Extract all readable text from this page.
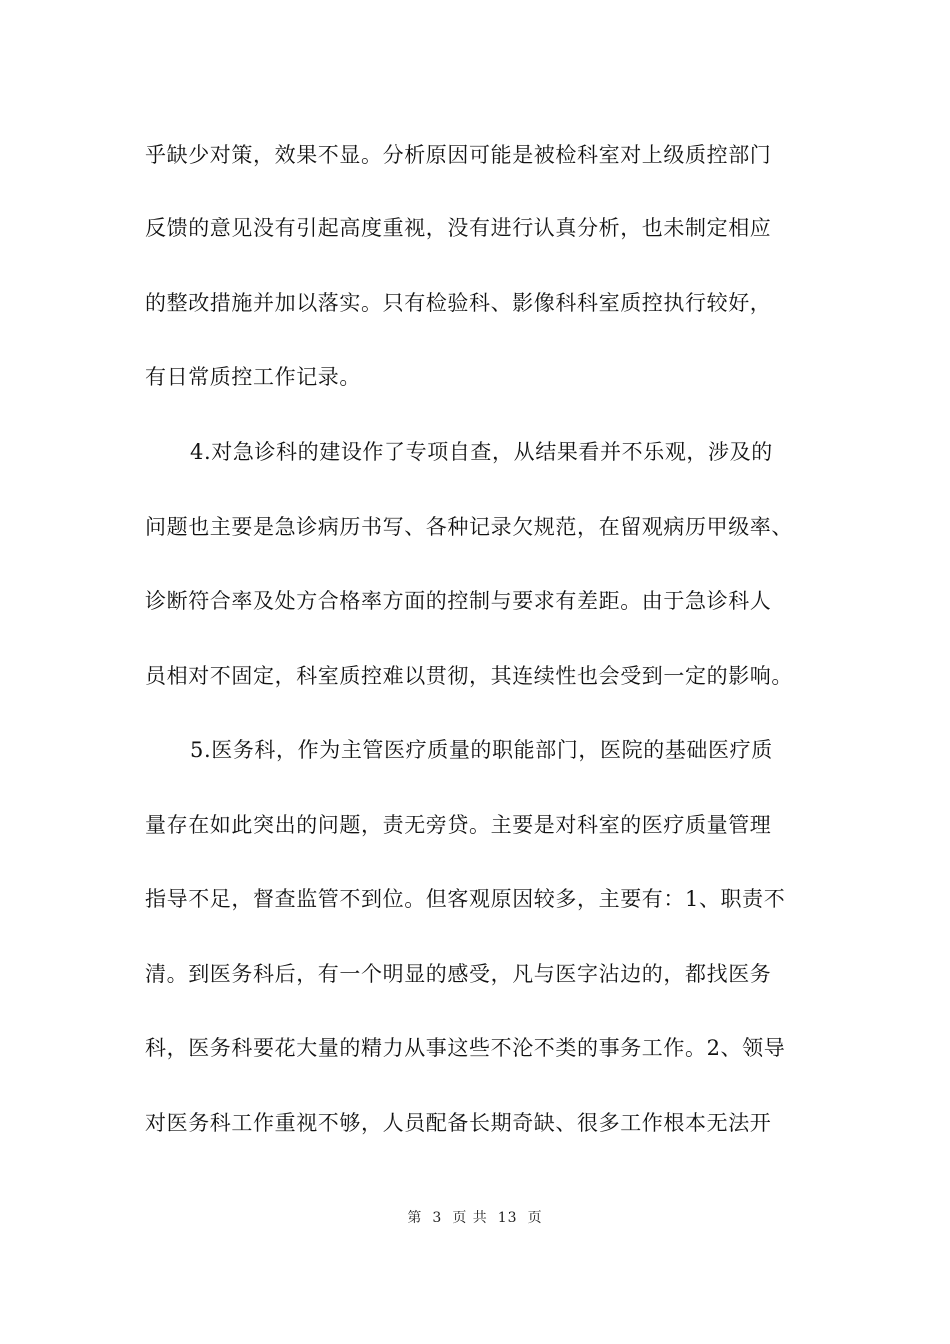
乎缺少对策，效果不显。分析原因可能是被检科室对上级质控部门
反馈的意见没有引起高度重视，没有进行认真分析，也未制定相应
的整改措施并加以落实。只有检验科、影像科科室质控执行较好，
有日常质控工作记录。
4.对急诊科的建设作了专项自查，从结果看并不乐观，涉及的
问题也主要是急诊病历书写、各种记录欠规范，在留观病历甲级率、
诊断符合率及处方合格率方面的控制与要求有差距。由于急诊科人
员相对不固定，科室质控难以贯彻，其连续性也会受到一定的影响。
5.医务科，作为主管医疗质量的职能部门，医院的基础医疗质
量存在如此突出的问题，责无旁贷。主要是对科室的医疗质量管理
指导不足，督查监管不到位。但客观原因较多，主要有：1、职责不
清。到医务科后，有一个明显的感受，凡与医字沾边的，都找医务
科，医务科要花大量的精力从事这些不沦不类的事务工作。2、领导
对医务科工作重视不够，人员配备长期奇缺、很多工作根本无法开
第 3 页 共 13 页
